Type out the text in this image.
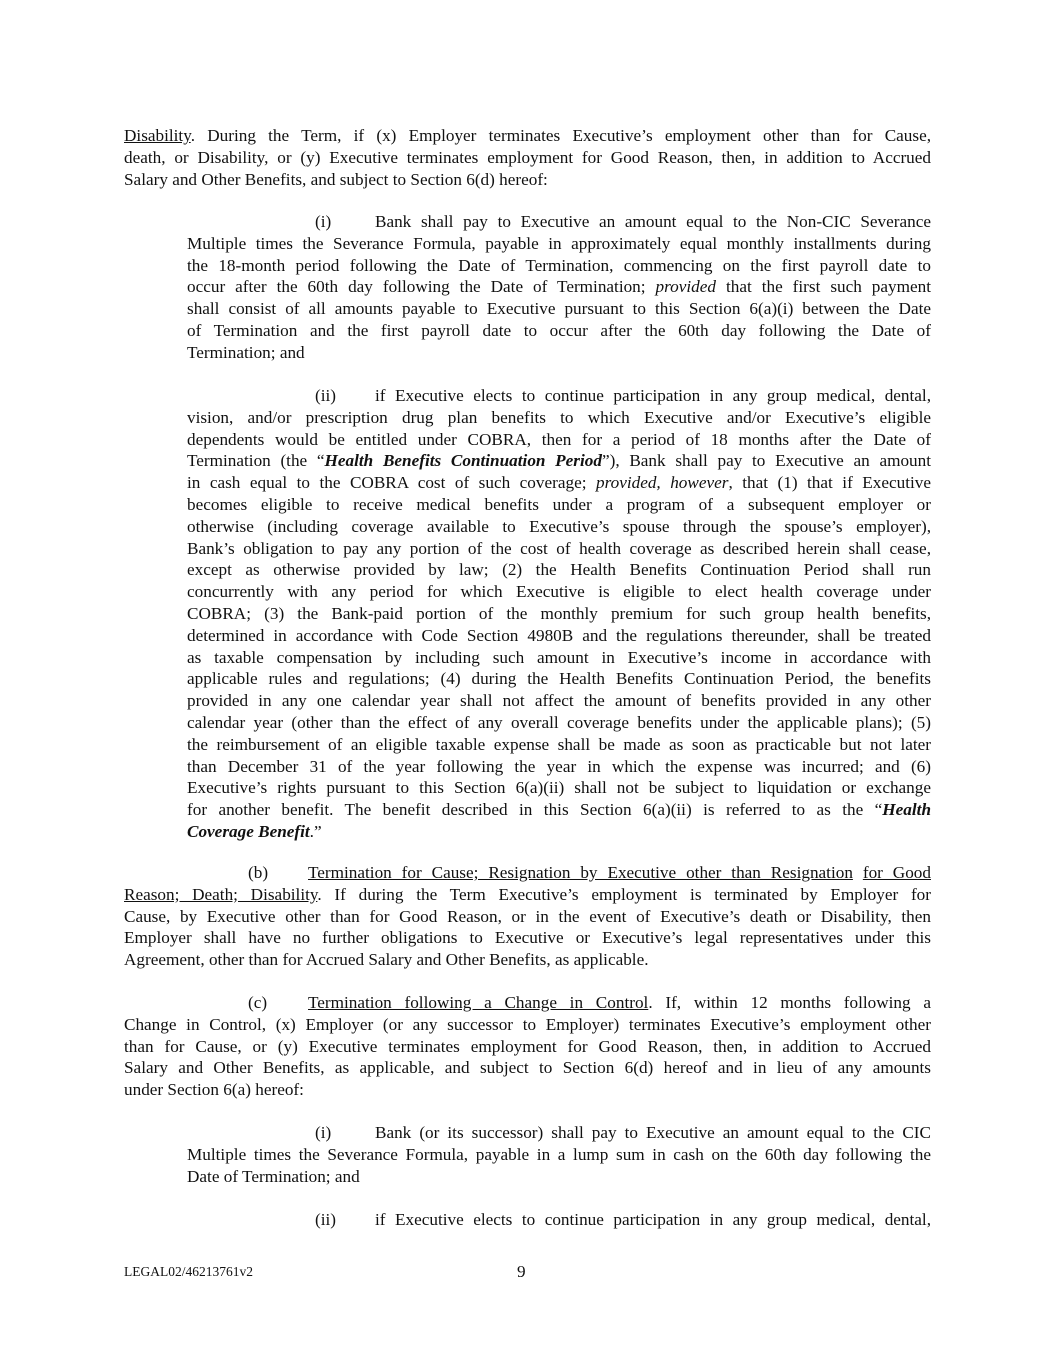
Disability. During the Term, if (x) Employer terminates Executive’s employment other than for Cause,
death, or Disability, or (y) Executive terminates employment for Good Reason, then, in addition to Accrued
Salary and Other Benefits, and subject to Section 6(d) hereof:
(i)	Bank shall pay to Executive an amount equal to the Non-CIC Severance
Multiple times the Severance Formula, payable in approximately equal monthly installments during
the 18-month period following the Date of Termination, commencing on the first payroll date to
occur after the 60th day following the Date of Termination; provided that the first such payment
shall consist of all amounts payable to Executive pursuant to this Section 6(a)(i) between the Date
of Termination and the first payroll date to occur after the 60th day following the Date of
Termination; and
(ii) if Executive elects to continue participation in any group medical, dental,
vision, and/or prescription drug plan benefits to which Executive and/or Executive’s eligible
dependents would be entitled under COBRA, then for a period of 18 months after the Date of
Termination (the “Health Benefits Continuation Period”), Bank shall pay to Executive an amount
in cash equal to the COBRA cost of such coverage; provided, however, that (1) that if Executive
becomes eligible to receive medical benefits under a program of a subsequent employer or
otherwise (including coverage available to Executive’s spouse through the spouse’s employer),
Bank’s obligation to pay any portion of the cost of health coverage as described herein shall cease,
except as otherwise provided by law; (2) the Health Benefits Continuation Period shall run
concurrently with any period for which Executive is eligible to elect health coverage under
COBRA; (3) the Bank-paid portion of the monthly premium for such group health benefits,
determined in accordance with Code Section 4980B and the regulations thereunder, shall be treated
as taxable compensation by including such amount in Executive’s income in accordance with
applicable rules and regulations; (4) during the Health Benefits Continuation Period, the benefits
provided in any one calendar year shall not affect the amount of benefits provided in any other
calendar year (other than the effect of any overall coverage benefits under the applicable plans); (5)
the reimbursement of an eligible taxable expense shall be made as soon as practicable but not later
than December 31 of the year following the year in which the expense was incurred; and (6)
Executive’s rights pursuant to this Section 6(a)(ii) shall not be subject to liquidation or exchange
for another benefit. The benefit described in this Section 6(a)(ii) is referred to as the “Health
Coverage Benefit.”
(b) Termination for Cause; Resignation by Executive other than Resignation for Good
Reason; Death; Disability. If during the Term Executive’s employment is terminated by Employer for
Cause, by Executive other than for Good Reason, or in the event of Executive’s death or Disability, then
Employer shall have no further obligations to Executive or Executive’s legal representatives under this
Agreement, other than for Accrued Salary and Other Benefits, as applicable.
(c) Termination following a Change in Control. If, within 12 months following a
Change in Control, (x) Employer (or any successor to Employer) terminates Executive’s employment other
than for Cause, or (y) Executive terminates employment for Good Reason, then, in addition to Accrued
Salary and Other Benefits, as applicable, and subject to Section 6(d) hereof and in lieu of any amounts
under Section 6(a) hereof:
(i)	Bank (or its successor) shall pay to Executive an amount equal to the CIC
Multiple times the Severance Formula, payable in a lump sum in cash on the 60th day following the
Date of Termination; and
(ii) if Executive elects to continue participation in any group medical, dental,
LEGAL02/46213761v2	9
